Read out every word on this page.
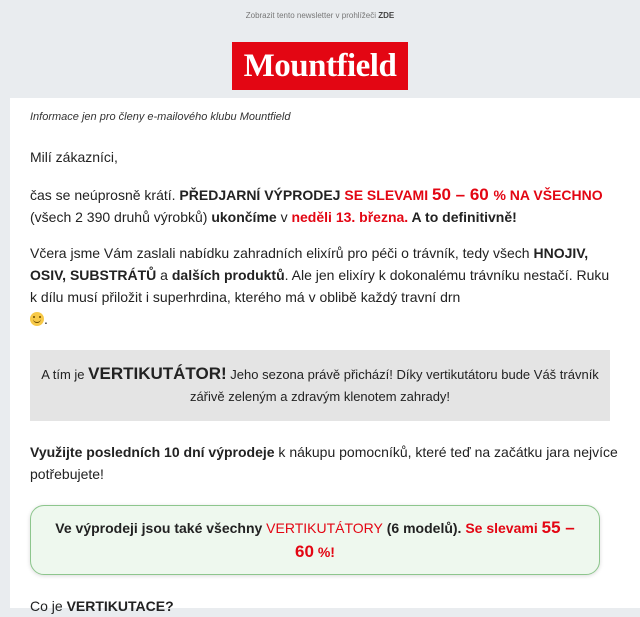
Zobrazit tento newsletter v prohlížeči ZDE
Mountfield
Informace jen pro členy e-mailového klubu Mountfield

Milí zákazníci,

čas se neúprosně krátí. PŘEDJARNÍ VÝPRODEJ SE SLEVAMI 50 – 60 % NA VŠECHNO
(všech 2 390 druhů výrobků) ukončíme v neděli 13. března. A to definitivně!

Včera jsme Vám zaslali nabídku zahradních elixírů pro péči o trávník, tedy všech HNOJIV, OSIV, SUBSTRÁTŮ a dalších produktů. Ale jen elixíry k dokonalému trávníku nestačí. Ruku k dílu musí přiložit i superhrdina, kterého má v oblibě každý travní drn
.

A tím je VERTIKUTÁTOR! Jeho sezona právě přichází! Díky vertikutátoru bude Váš trávník zářivě zeleným a zdravým klenotem zahrady!

Využijte posledních 10 dní výprodeje k nákupu pomocníků, které teď na začátku jara nejvíce potřebujete!

Ve výprodeji jsou také všechny VERTIKUTÁTORY (6 modelů). Se slevami 55 – 60 %!

Co je VERTIKUTACE?
